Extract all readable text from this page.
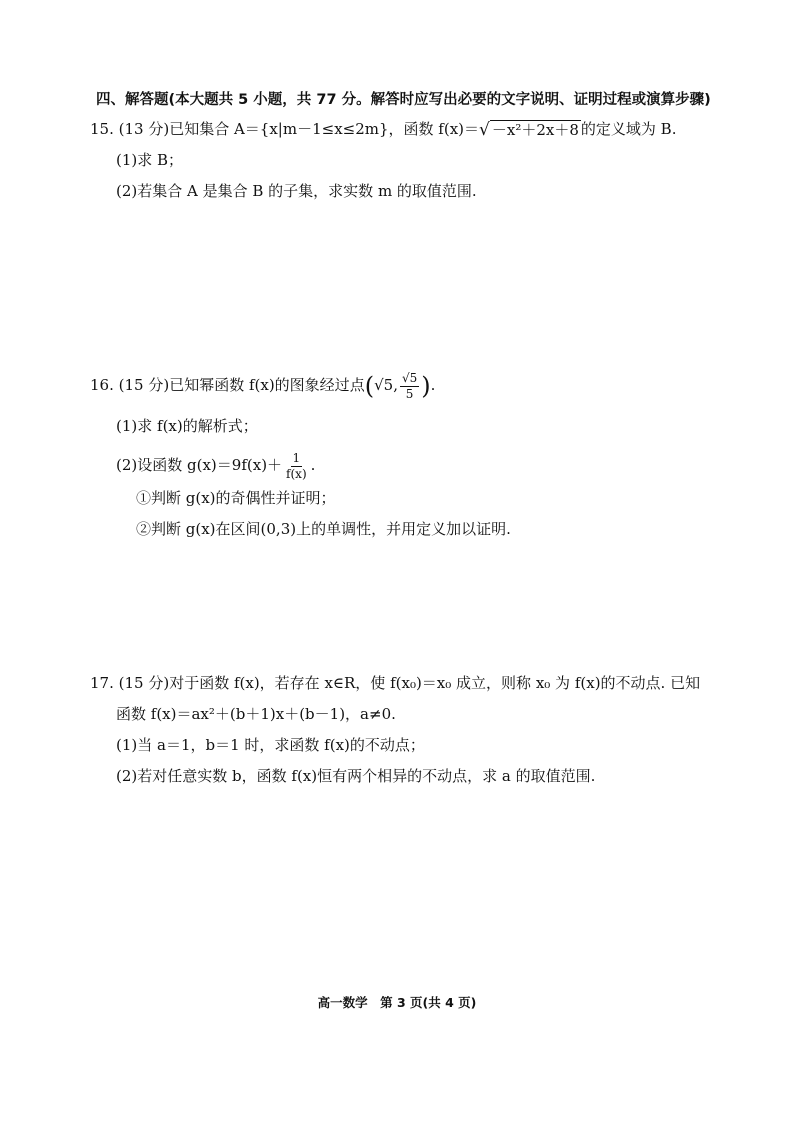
四、解答题(本大题共 5 小题，共 77 分。解答时应写出必要的文字说明、证明过程或演算步骤)
15. (13 分)已知集合 A＝{x|m－1≤x≤2m}，函数 f(x)＝ √ －x²＋2x＋8 的定义域为 B.
(1)求 B；
(2)若集合 A 是集合 B 的子集，求实数 m 的取值范围.
16. (15 分)已知幂函数 f(x)的图象经过点(√5, $\frac{√5}{5}$ ).
(1)求 f(x)的解析式；
(2)设函数 $g(x)=9f(x)+ \frac{1}{f(x)}$ .
①判断 g(x)的奇偶性并证明；
②判断 g(x)在区间(0,3)上的单调性，并用定义加以证明.
17. (15 分)对于函数 f(x)，若存在 x∈R，使 f(x₀)＝x₀ 成立，则称 x₀ 为 f(x)的不动点. 已知
函数 f(x)＝ax²＋(b＋1)x＋(b－1)，a≠0.
(1)当 a＝1，b＝1 时，求函数 f(x)的不动点；
(2)若对任意实数 b，函数 f(x)恒有两个相异的不动点，求 a 的取值范围.
高一数学　第 3 页(共 4 页)
